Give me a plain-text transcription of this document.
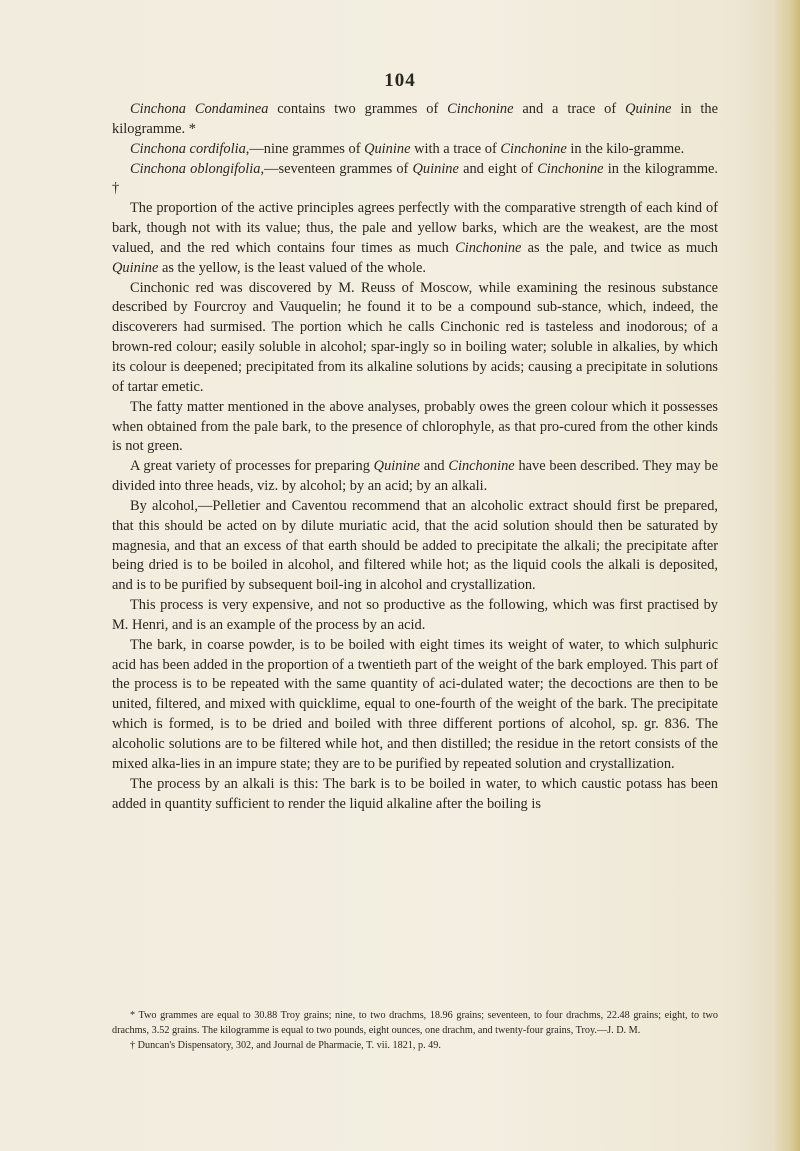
104

Cinchona Condaminea contains two grammes of Cinchonine and a trace of Quinine in the kilogramme. *

Cinchona cordifolia,—nine grammes of Quinine with a trace of Cinchonine in the kilo-gramme.

Cinchona oblongifolia,—seventeen grammes of Quinine and eight of Cinchonine in the kilogramme. †

The proportion of the active principles agrees perfectly with the comparative strength of each kind of bark, though not with its value; thus, the pale and yellow barks, which are the weakest, are the most valued, and the red which contains four times as much Cinchonine as the pale, and twice as much Quinine as the yellow, is the least valued of the whole.

Cinchonic red was discovered by M. Reuss of Moscow, while examining the resinous substance described by Fourcroy and Vauquelin; he found it to be a compound sub-stance, which, indeed, the discoverers had surmised. The portion which he calls Cinchonic red is tasteless and inodorous; of a brown-red colour; easily soluble in alcohol; spar-ingly so in boiling water; soluble in alkalies, by which its colour is deepened; precipitated from its alkaline solutions by acids; causing a precipitate in solutions of tartar emetic.

The fatty matter mentioned in the above analyses, probably owes the green colour which it possesses when obtained from the pale bark, to the presence of chlorophyle, as that pro-cured from the other kinds is not green.

A great variety of processes for preparing Quinine and Cinchonine have been described. They may be divided into three heads, viz. by alcohol; by an acid; by an alkali.

By alcohol,—Pelletier and Caventou recommend that an alcoholic extract should first be prepared, that this should be acted on by dilute muriatic acid, that the acid solution should then be saturated by magnesia, and that an excess of that earth should be added to precipitate the alkali; the precipitate after being dried is to be boiled in alcohol, and filtered while hot; as the liquid cools the alkali is deposited, and is to be purified by subsequent boil-ing in alcohol and crystallization.

This process is very expensive, and not so productive as the following, which was first practised by M. Henri, and is an example of the process by an acid.

The bark, in coarse powder, is to be boiled with eight times its weight of water, to which sulphuric acid has been added in the proportion of a twentieth part of the weight of the bark employed. This part of the process is to be repeated with the same quantity of aci-dulated water; the decoctions are then to be united, filtered, and mixed with quicklime, equal to one-fourth of the weight of the bark. The precipitate which is formed, is to be dried and boiled with three different portions of alcohol, sp. gr. 836. The alcoholic solutions are to be filtered while hot, and then distilled; the residue in the retort consists of the mixed alka-lies in an impure state; they are to be purified by repeated solution and crystallization.

The process by an alkali is this: The bark is to be boiled in water, to which caustic potass has been added in quantity sufficient to render the liquid alkaline after the boiling is

* Two grammes are equal to 30.88 Troy grains; nine, to two drachms, 18.96 grains; seventeen, to four drachms, 22.48 grains; eight, to two drachms, 3.52 grains. The kilogramme is equal to two pounds, eight ounces, one drachm, and twenty-four grains, Troy.—J. D. M.

† Duncan's Dispensatory, 302, and Journal de Pharmacie, T. vii. 1821, p. 49.
